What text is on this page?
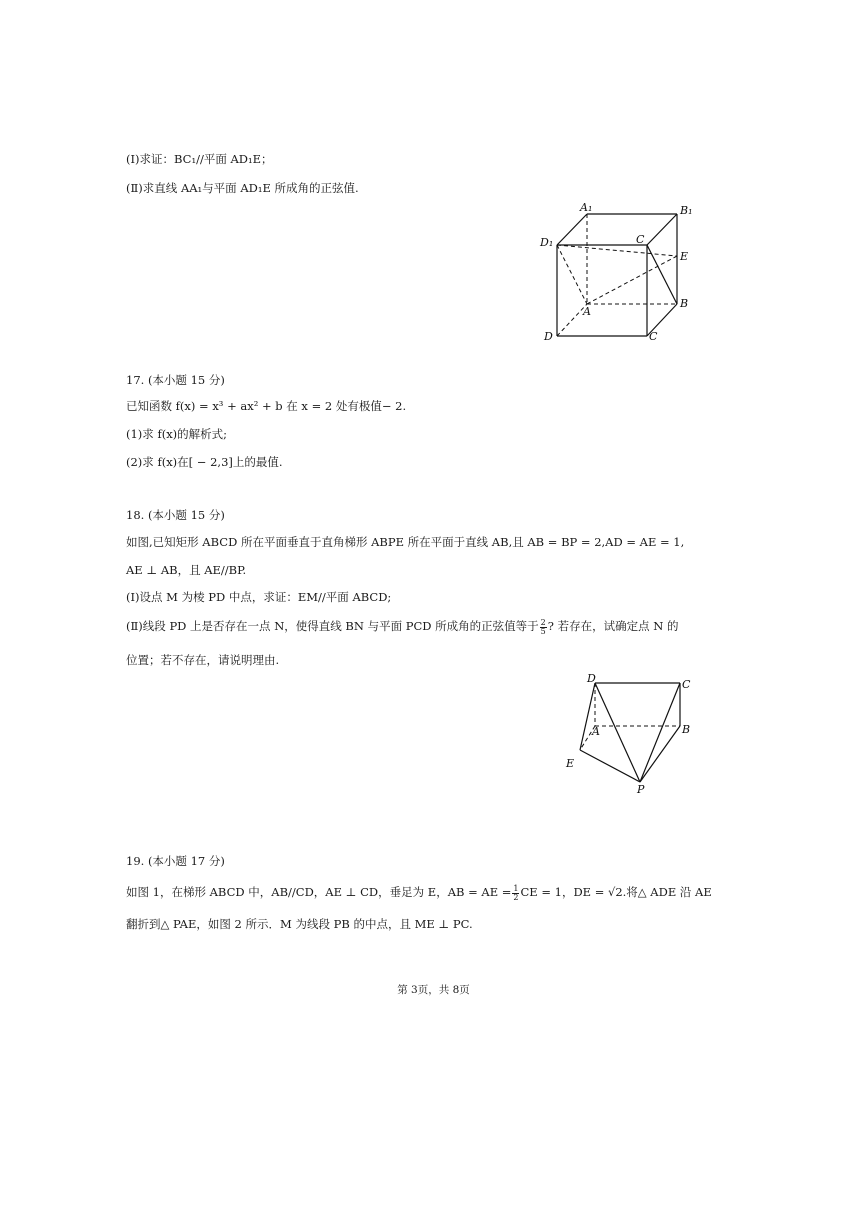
(Ⅰ)求证：BC₁//平面 AD₁E；
(Ⅱ)求直线 AA₁与平面 AD₁E 所成角的正弦值.
A₁	B₁
D₁	C
E
A
B
D	C
17. (本小题 15 分)
已知函数 f(x) = x³ + ax² + b 在 x = 2 处有极值− 2.
(1)求 f(x)的解析式;
(2)求 f(x)在[ − 2,3]上的最值.
18. (本小题 15 分)
如图,已知矩形 ABCD 所在平面垂直于直角梯形 ABPE 所在平面于直线 AB,且 AB = BP = 2,AD = AE = 1,
AE ⊥ AB，且 AE//BP.
(Ⅰ)设点 M 为棱 PD 中点，求证：EM//平面 ABCD;
(Ⅱ)线段 PD 上是否存在一点 N，使得直线 BN 与平面 PCD 所成角的正弦值等于 $\frac{2}{5}$ ? 若存在，试确定点 N 的
位置；若不存在，请说明理由.
D	C
A	B
E
P
19. (本小题 17 分)
如图 1，在梯形 ABCD 中，AB//CD，AE ⊥ CD，垂足为 E，AB = AE = $\frac{1}{2}$ CE = 1，DE = √2.将△ ADE 沿 AE
翻折到△ PAE，如图 2 所示．M 为线段 PB 的中点，且 ME ⊥ PC.
第 3页，共 8页
